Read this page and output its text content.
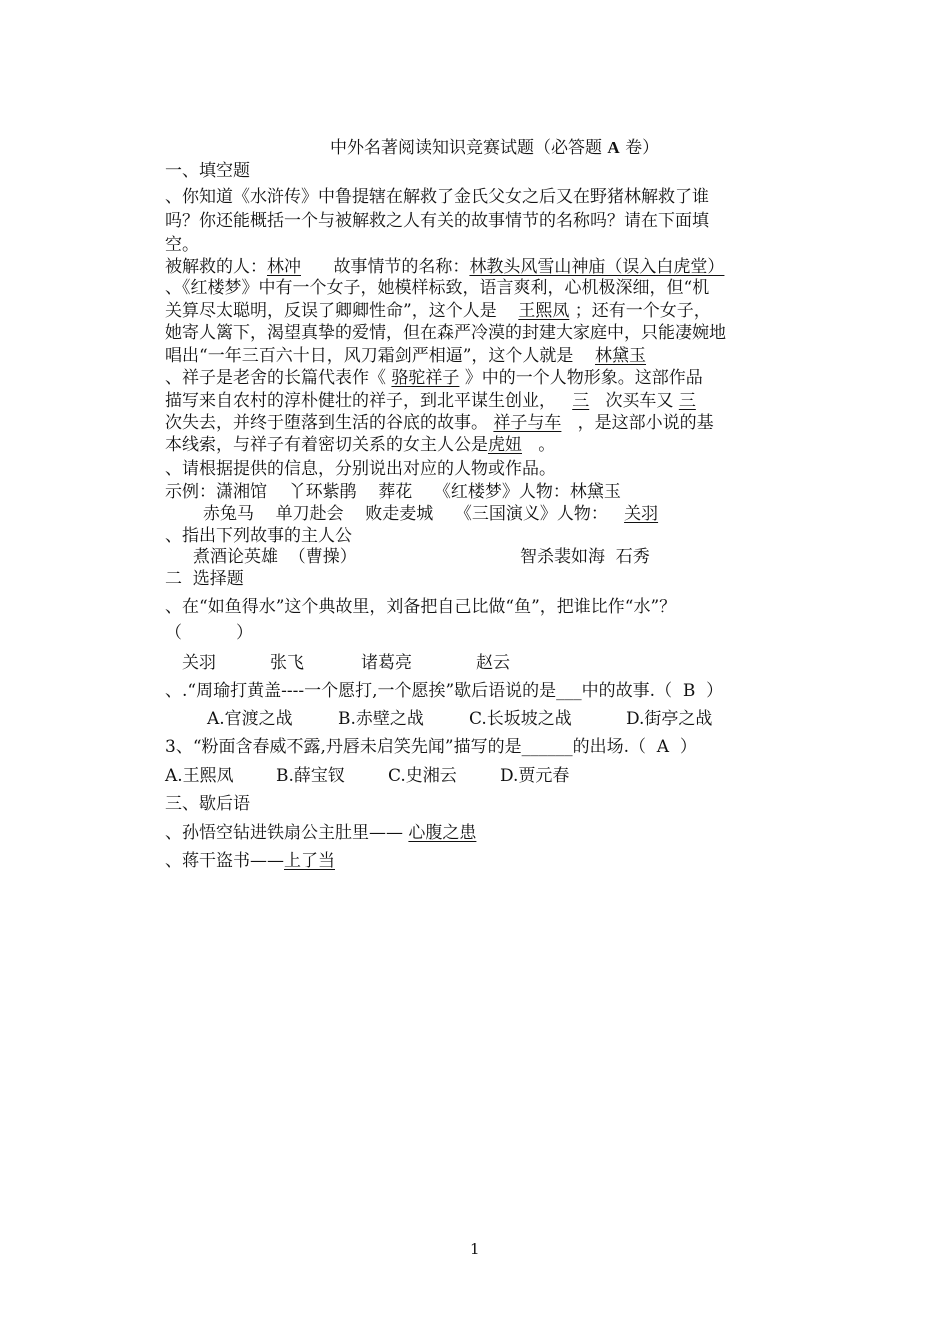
中外名著阅读知识竞赛试题（必答题 A 卷）
一、填空题
、你知道《水浒传》中鲁提辖在解救了金氏父女之后又在野猪林解救了谁
吗？你还能概括一个与被解救之人有关的故事情节的名称吗？请在下面填
空。
被解救的人：林冲 故事情节的名称：林教头风雪山神庙（误入白虎堂）
、《红楼梦》中有一个女子，她模样标致，语言爽利，心机极深细，但“机
关算尽太聪明，反误了卿卿性命”，这个人是 王熙凤 ；还有一个女子，
她寄人篱下，渴望真挚的爱情，但在森严冷漠的封建大家庭中，只能凄婉地
唱出“一年三百六十日，风刀霜剑严相逼”，这个人就是 林黛玉
、祥子是老舍的长篇代表作《 骆驼祥子 》中的一个人物形象。这部作品
描写来自农村的淳朴健壮的祥子，到北平谋生创业， 三 次买车又 三
次失去，并终于堕落到生活的谷底的故事。 祥子与车 ，是这部小说的基
本线索，与祥子有着密切关系的女主人公是虎妞 。
、请根据提供的信息，分别说出对应的人物或作品。
示例：潇湘馆    丫环紫鹃    葬花    《红楼梦》人物：林黛玉
赤兔马    单刀赴会    败走麦城    《三国演义》人物： 关羽
、指出下列故事的主人公
煮酒论英雄  （曹操）	智杀裴如海  石秀
二  选择题
、在“如鱼得水”这个典故里，刘备把自己比做“鱼”，把谁比作“水”？
（          ）
关羽	张飞	诸葛亮	赵云
、.“周瑜打黄盖----一个愿打,一个愿挨”歇后语说的是___中的故事.（  B  ）
A.官渡之战	B.赤壁之战	C.长坂坡之战	D.街亭之战
3、“粉面含春威不露,丹唇未启笑先闻”描写的是______的出场.（  A  ）
A.王熙凤 B.薛宝钗	C.史湘云	D.贾元春
三、歇后语
、孙悟空钻进铁扇公主肚里—— 心腹之患
、蒋干盗书——上了当
1
